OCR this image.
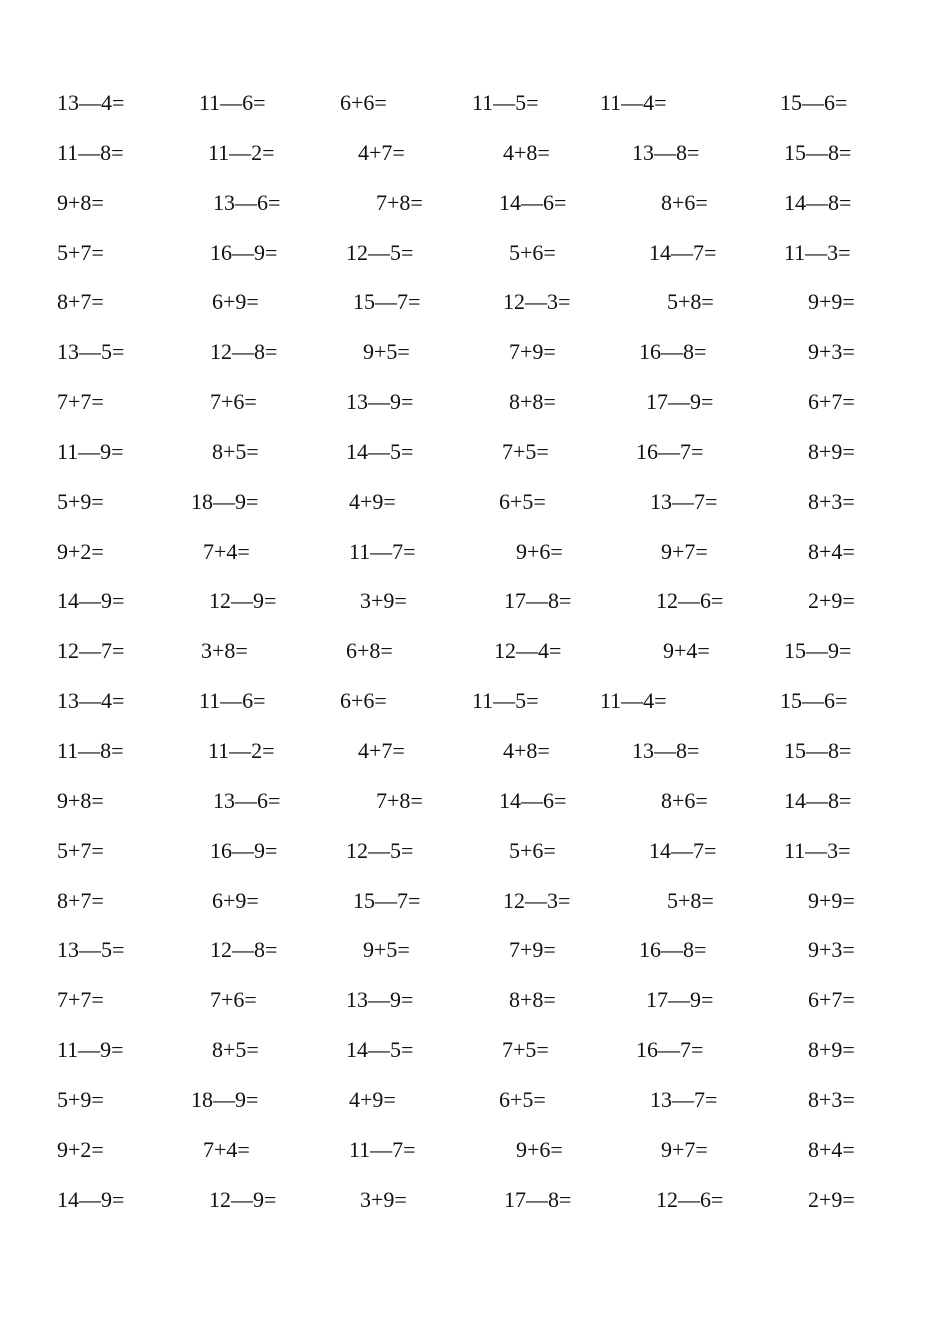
13—4=	11—6=	6+6=	11—5=	11—4=	15—6=
11—8=	11—2=	4+7=	4+8=	13—8=	15—8=
9+8=	13—6=	7+8=	14—6=	8+6=	14—8=
5+7=	16—9=	12—5=	5+6=	14—7=	11—3=
8+7=	6+9=	15—7=	12—3=	5+8=	9+9=
13—5=	12—8=	9+5=	7+9=	16—8=	9+3=
7+7=	7+6=	13—9=	8+8=	17—9=	6+7=
11—9=	8+5=	14—5=	7+5=	16—7=	8+9=
5+9=	18—9=	4+9=	6+5=	13—7=	8+3=
9+2=	7+4=	11—7=	9+6=	9+7=	8+4=
14—9=	12—9=	3+9=	17—8=	12—6=	2+9=
12—7=	3+8=	6+8=	12—4=	9+4=	15—9=
13—4=	11—6=	6+6=	11—5=	11—4=	15—6=
11—8=	11—2=	4+7=	4+8=	13—8=	15—8=
9+8=	13—6=	7+8=	14—6=	8+6=	14—8=
5+7=	16—9=	12—5=	5+6=	14—7=	11—3=
8+7=	6+9=	15—7=	12—3=	5+8=	9+9=
13—5=	12—8=	9+5=	7+9=	16—8=	9+3=
7+7=	7+6=	13—9=	8+8=	17—9=	6+7=
11—9=	8+5=	14—5=	7+5=	16—7=	8+9=
5+9=	18—9=	4+9=	6+5=	13—7=	8+3=
9+2=	7+4=	11—7=	9+6=	9+7=	8+4=
14—9=	12—9=	3+9=	17—8=	12—6=	2+9=
